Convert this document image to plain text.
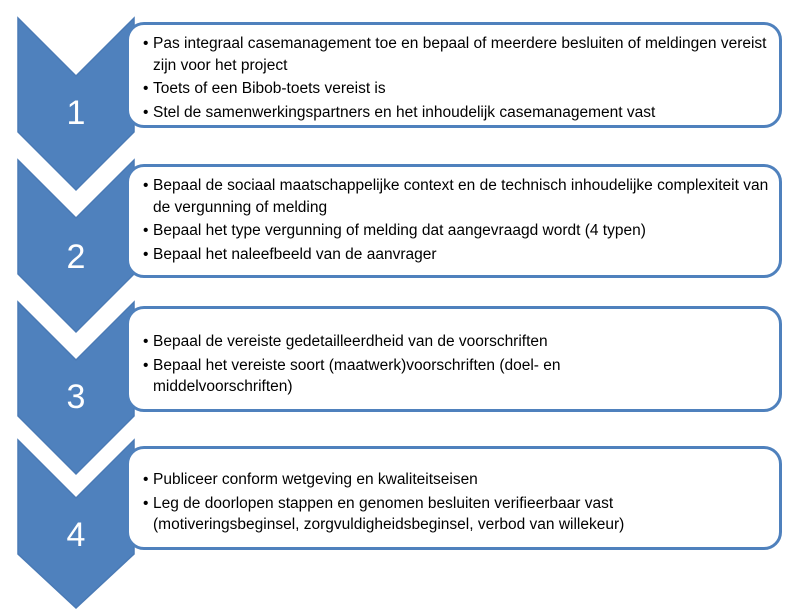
1
2
3
4
• Pas integraal casemanagement toe en bepaal of meerdere besluiten of meldingen vereist zijn voor het project
• Toets of een Bibob-toets vereist is
• Stel de samenwerkingspartners en het inhoudelijk casemanagement vast
• Bepaal de sociaal maatschappelijke context en de technisch inhoudelijke complexiteit van de vergunning of melding
• Bepaal het type vergunning of melding dat aangevraagd wordt (4 typen)
• Bepaal het naleefbeeld van de aanvrager
• Bepaal de vereiste gedetailleerdheid van de voorschriften
• Bepaal het vereiste soort (maatwerk)voorschriften (doel- en middelvoorschriften)
• Publiceer conform wetgeving en kwaliteitseisen
• Leg de doorlopen stappen en genomen besluiten verifieerbaar vast (motiveringsbeginsel, zorgvuldigheidsbeginsel, verbod van willekeur)
